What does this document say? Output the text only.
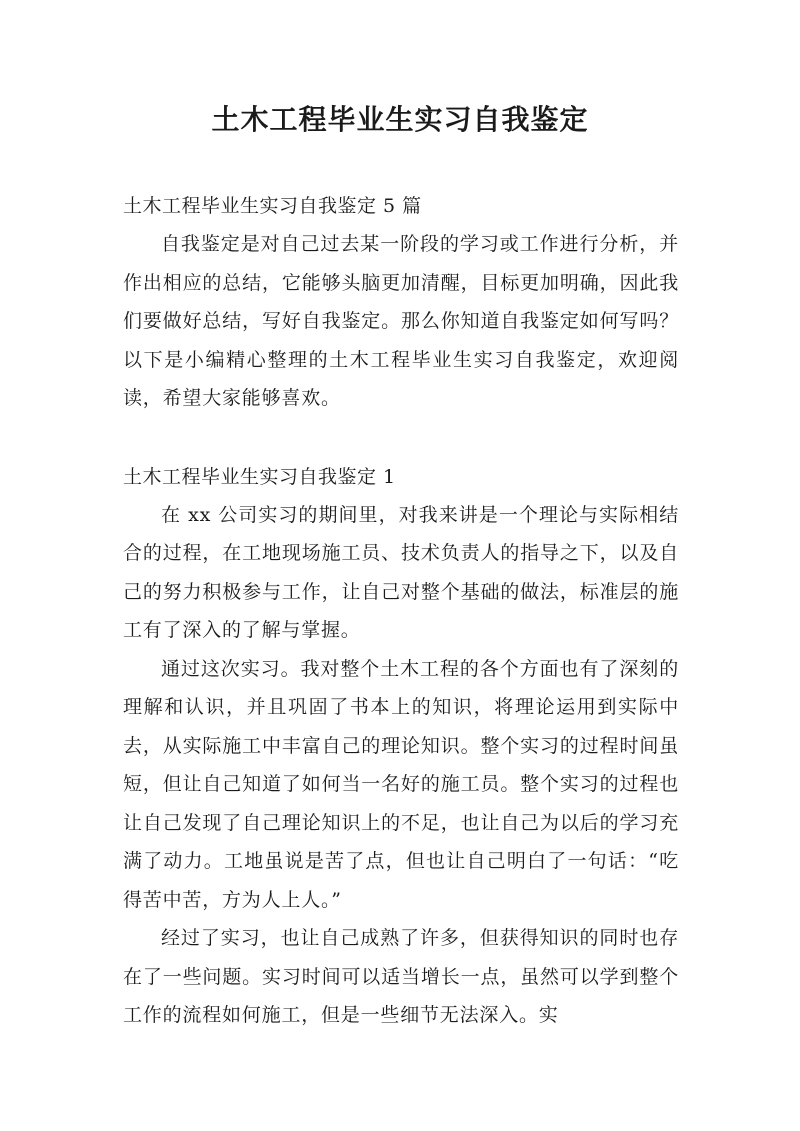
土木工程毕业生实习自我鉴定

土木工程毕业生实习自我鉴定 5 篇

自我鉴定是对自己过去某一阶段的学习或工作进行分析，并作出相应的总结，它能够头脑更加清醒，目标更加明确，因此我们要做好总结，写好自我鉴定。那么你知道自我鉴定如何写吗？以下是小编精心整理的土木工程毕业生实习自我鉴定，欢迎阅读，希望大家能够喜欢。

土木工程毕业生实习自我鉴定 1

在 xx 公司实习的期间里，对我来讲是一个理论与实际相结合的过程，在工地现场施工员、技术负责人的指导之下，以及自己的努力积极参与工作，让自己对整个基础的做法，标准层的施工有了深入的了解与掌握。

通过这次实习。我对整个土木工程的各个方面也有了深刻的理解和认识，并且巩固了书本上的知识，将理论运用到实际中去，从实际施工中丰富自己的理论知识。整个实习的过程时间虽短，但让自己知道了如何当一名好的施工员。整个实习的过程也让自己发现了自己理论知识上的不足，也让自己为以后的学习充满了动力。工地虽说是苦了点，但也让自己明白了一句话：“吃得苦中苦，方为人上人。”

经过了实习，也让自己成熟了许多，但获得知识的同时也存在了一些问题。实习时间可以适当增长一点，虽然可以学到整个工作的流程如何施工，但是一些细节无法深入。实
